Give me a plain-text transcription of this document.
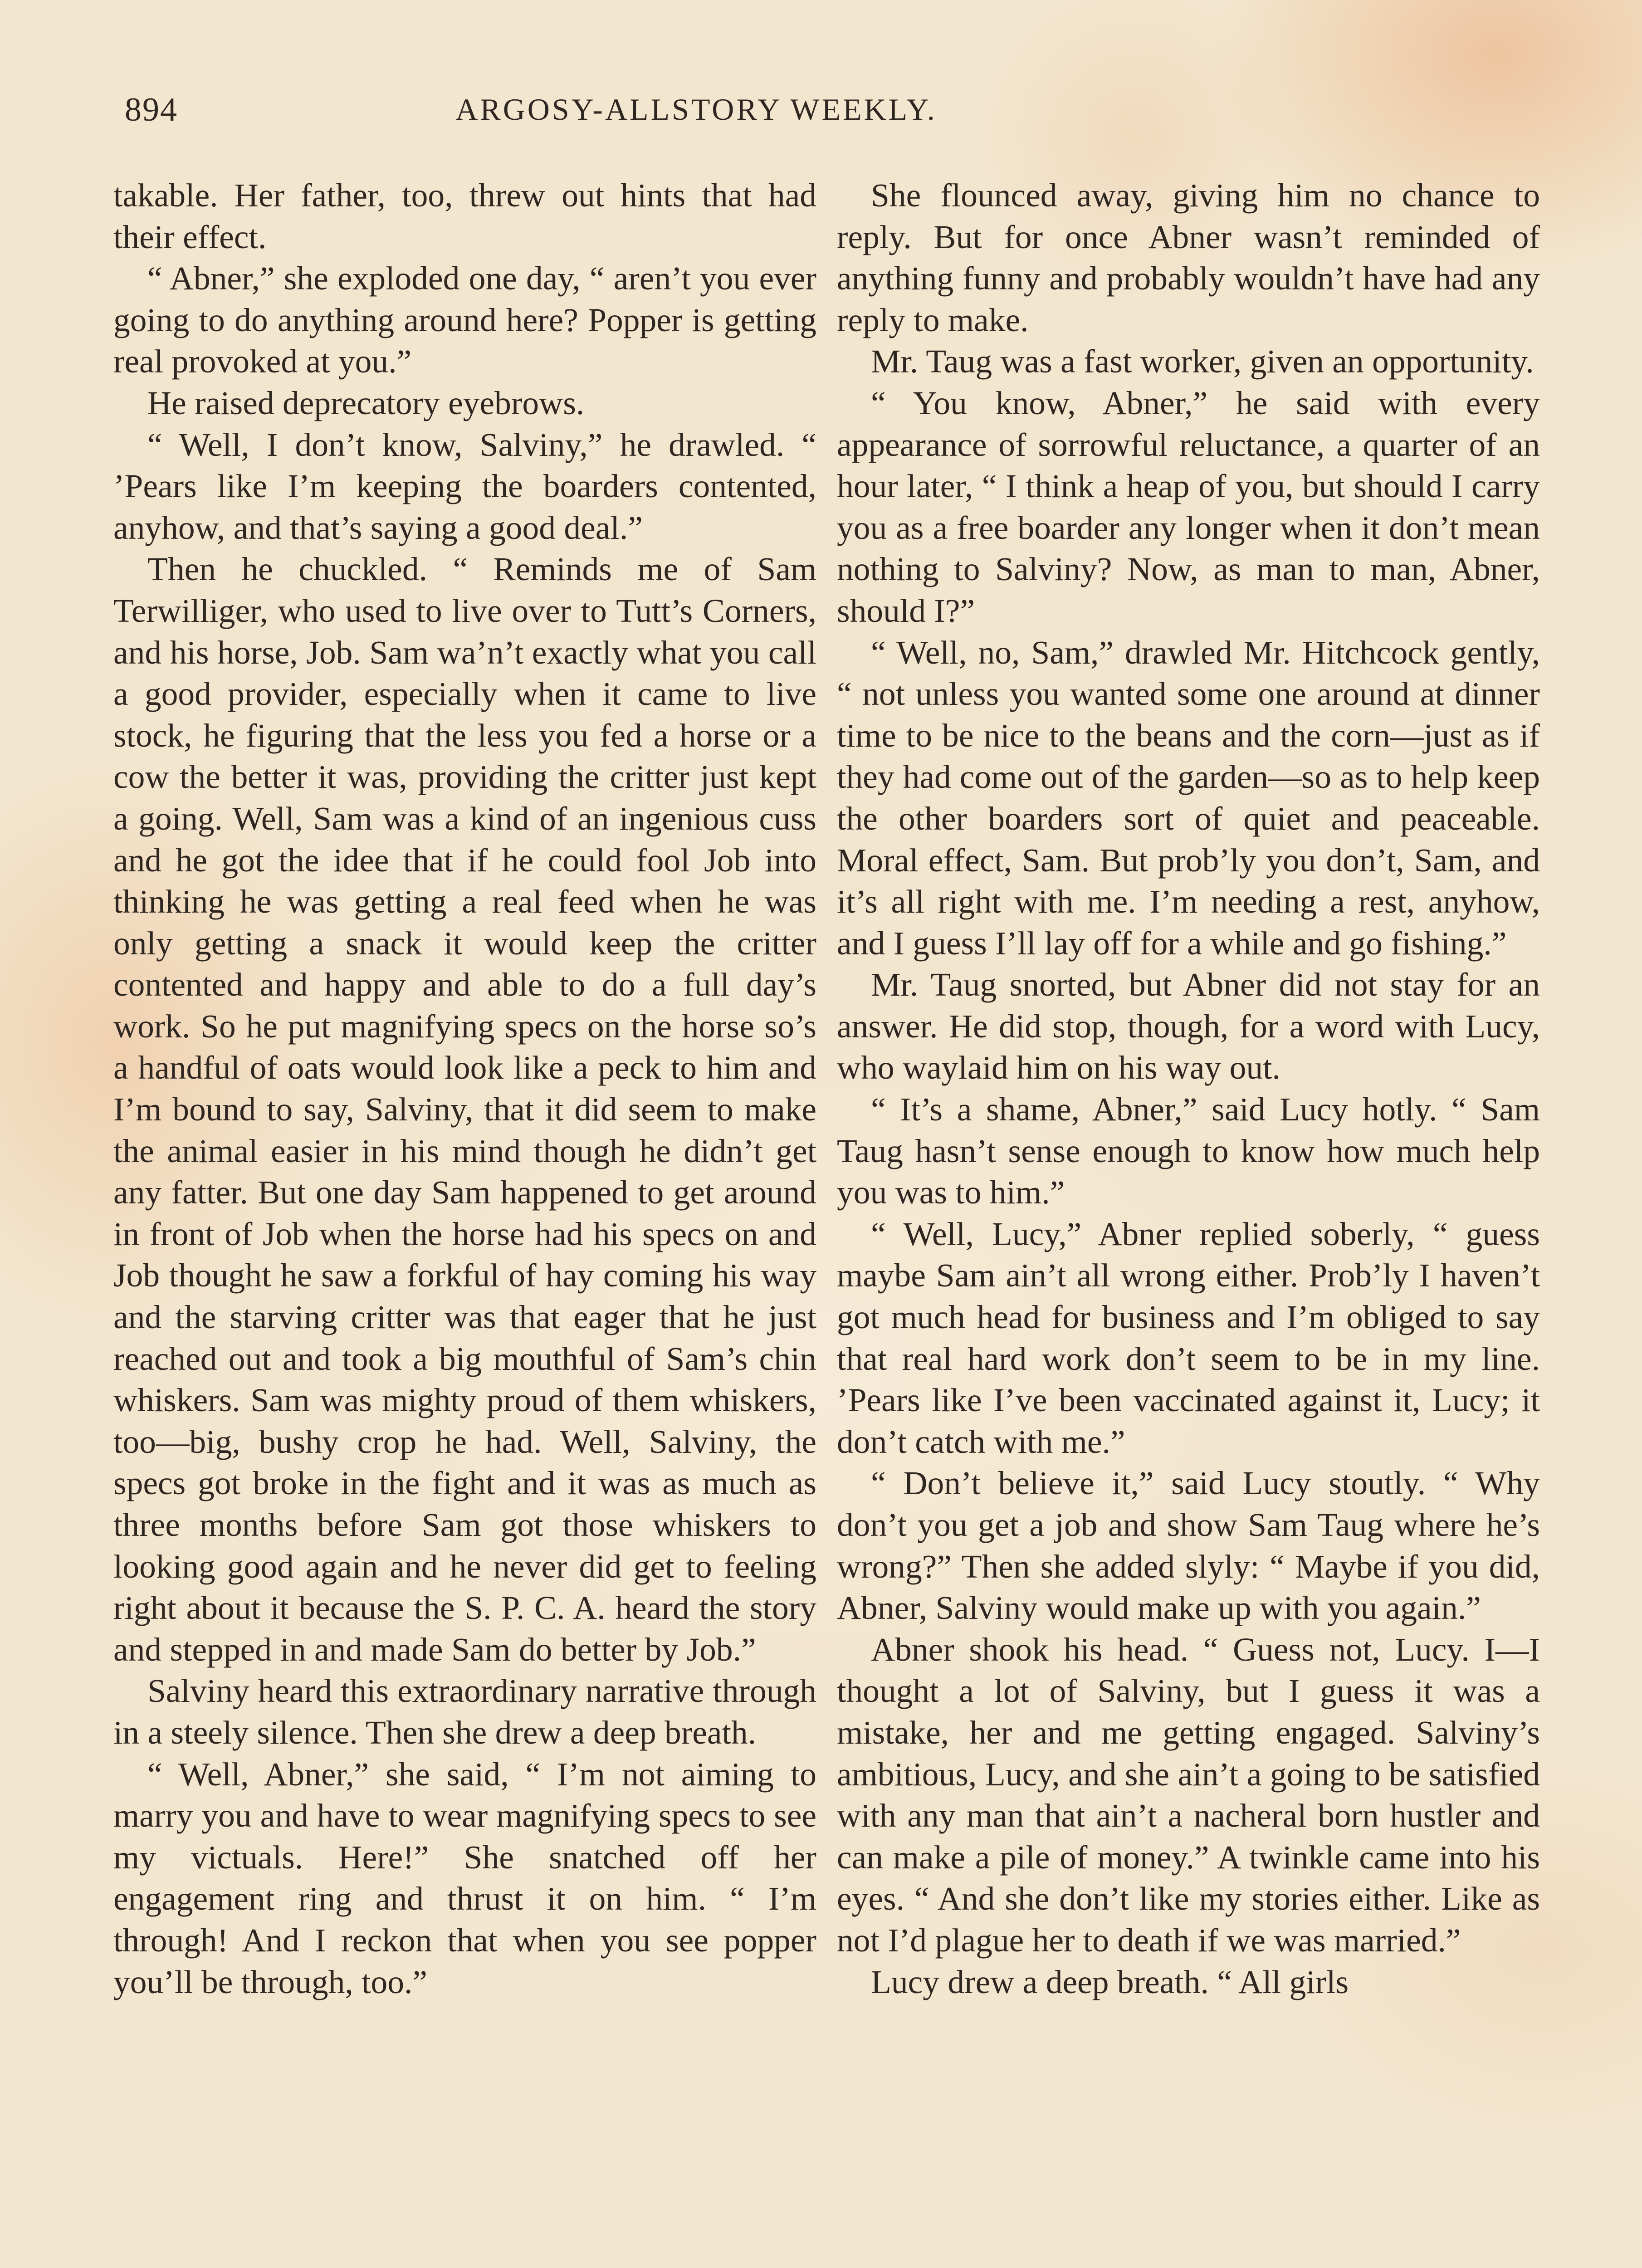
894	ARGOSY-ALLSTORY WEEKLY.

takable. Her father, too, threw out hints that had their effect.

“ Abner,” she exploded one day, “ aren’t you ever going to do anything around here? Popper is getting real provoked at you.”

He raised deprecatory eyebrows.

“ Well, I don’t know, Salviny,” he drawled. “ ’Pears like I’m keeping the boarders contented, anyhow, and that’s saying a good deal.”

Then he chuckled. “ Reminds me of Sam Terwilliger, who used to live over to Tutt’s Corners, and his horse, Job. Sam wa’n’t exactly what you call a good provider, especially when it came to live stock, he figuring that the less you fed a horse or a cow the better it was, providing the critter just kept a going. Well, Sam was a kind of an ingenious cuss and he got the idee that if he could fool Job into thinking he was getting a real feed when he was only getting a snack it would keep the critter contented and happy and able to do a full day’s work. So he put magnifying specs on the horse so’s a handful of oats would look like a peck to him and I’m bound to say, Salviny, that it did seem to make the animal easier in his mind though he didn’t get any fatter. But one day Sam happened to get around in front of Job when the horse had his specs on and Job thought he saw a forkful of hay coming his way and the starving critter was that eager that he just reached out and took a big mouthful of Sam’s chin whiskers. Sam was mighty proud of them whiskers, too—big, bushy crop he had. Well, Salviny, the specs got broke in the fight and it was as much as three months before Sam got those whiskers to looking good again and he never did get to feeling right about it because the S. P. C. A. heard the story and stepped in and made Sam do better by Job.”

Salviny heard this extraordinary narrative through in a steely silence. Then she drew a deep breath.

“ Well, Abner,” she said, “ I’m not aiming to marry you and have to wear magnifying specs to see my victuals. Here!” She snatched off her engagement ring and thrust it on him. “ I’m through! And I reckon that when you see popper you’ll be through, too.”

She flounced away, giving him no chance to reply. But for once Abner wasn’t reminded of anything funny and probably wouldn’t have had any reply to make.

Mr. Taug was a fast worker, given an opportunity.

“ You know, Abner,” he said with every appearance of sorrowful reluctance, a quarter of an hour later, “ I think a heap of you, but should I carry you as a free boarder any longer when it don’t mean nothing to Salviny? Now, as man to man, Abner, should I?”

“ Well, no, Sam,” drawled Mr. Hitchcock gently, “ not unless you wanted some one around at dinner time to be nice to the beans and the corn—just as if they had come out of the garden—so as to help keep the other boarders sort of quiet and peaceable. Moral effect, Sam. But prob’ly you don’t, Sam, and it’s all right with me. I’m needing a rest, anyhow, and I guess I’ll lay off for a while and go fishing.”

Mr. Taug snorted, but Abner did not stay for an answer. He did stop, though, for a word with Lucy, who waylaid him on his way out.

“ It’s a shame, Abner,” said Lucy hotly. “ Sam Taug hasn’t sense enough to know how much help you was to him.”

“ Well, Lucy,” Abner replied soberly, “ guess maybe Sam ain’t all wrong either. Prob’ly I haven’t got much head for business and I’m obliged to say that real hard work don’t seem to be in my line. ’Pears like I’ve been vaccinated against it, Lucy; it don’t catch with me.”

“ Don’t believe it,” said Lucy stoutly. “ Why don’t you get a job and show Sam Taug where he’s wrong?” Then she added slyly: “ Maybe if you did, Abner, Salviny would make up with you again.”

Abner shook his head. “ Guess not, Lucy. I—I thought a lot of Salviny, but I guess it was a mistake, her and me getting engaged. Salviny’s ambitious, Lucy, and she ain’t a going to be satisfied with any man that ain’t a nacheral born hustler and can make a pile of money.” A twinkle came into his eyes. “ And she don’t like my stories either. Like as not I’d plague her to death if we was married.”

Lucy drew a deep breath. “ All girls
